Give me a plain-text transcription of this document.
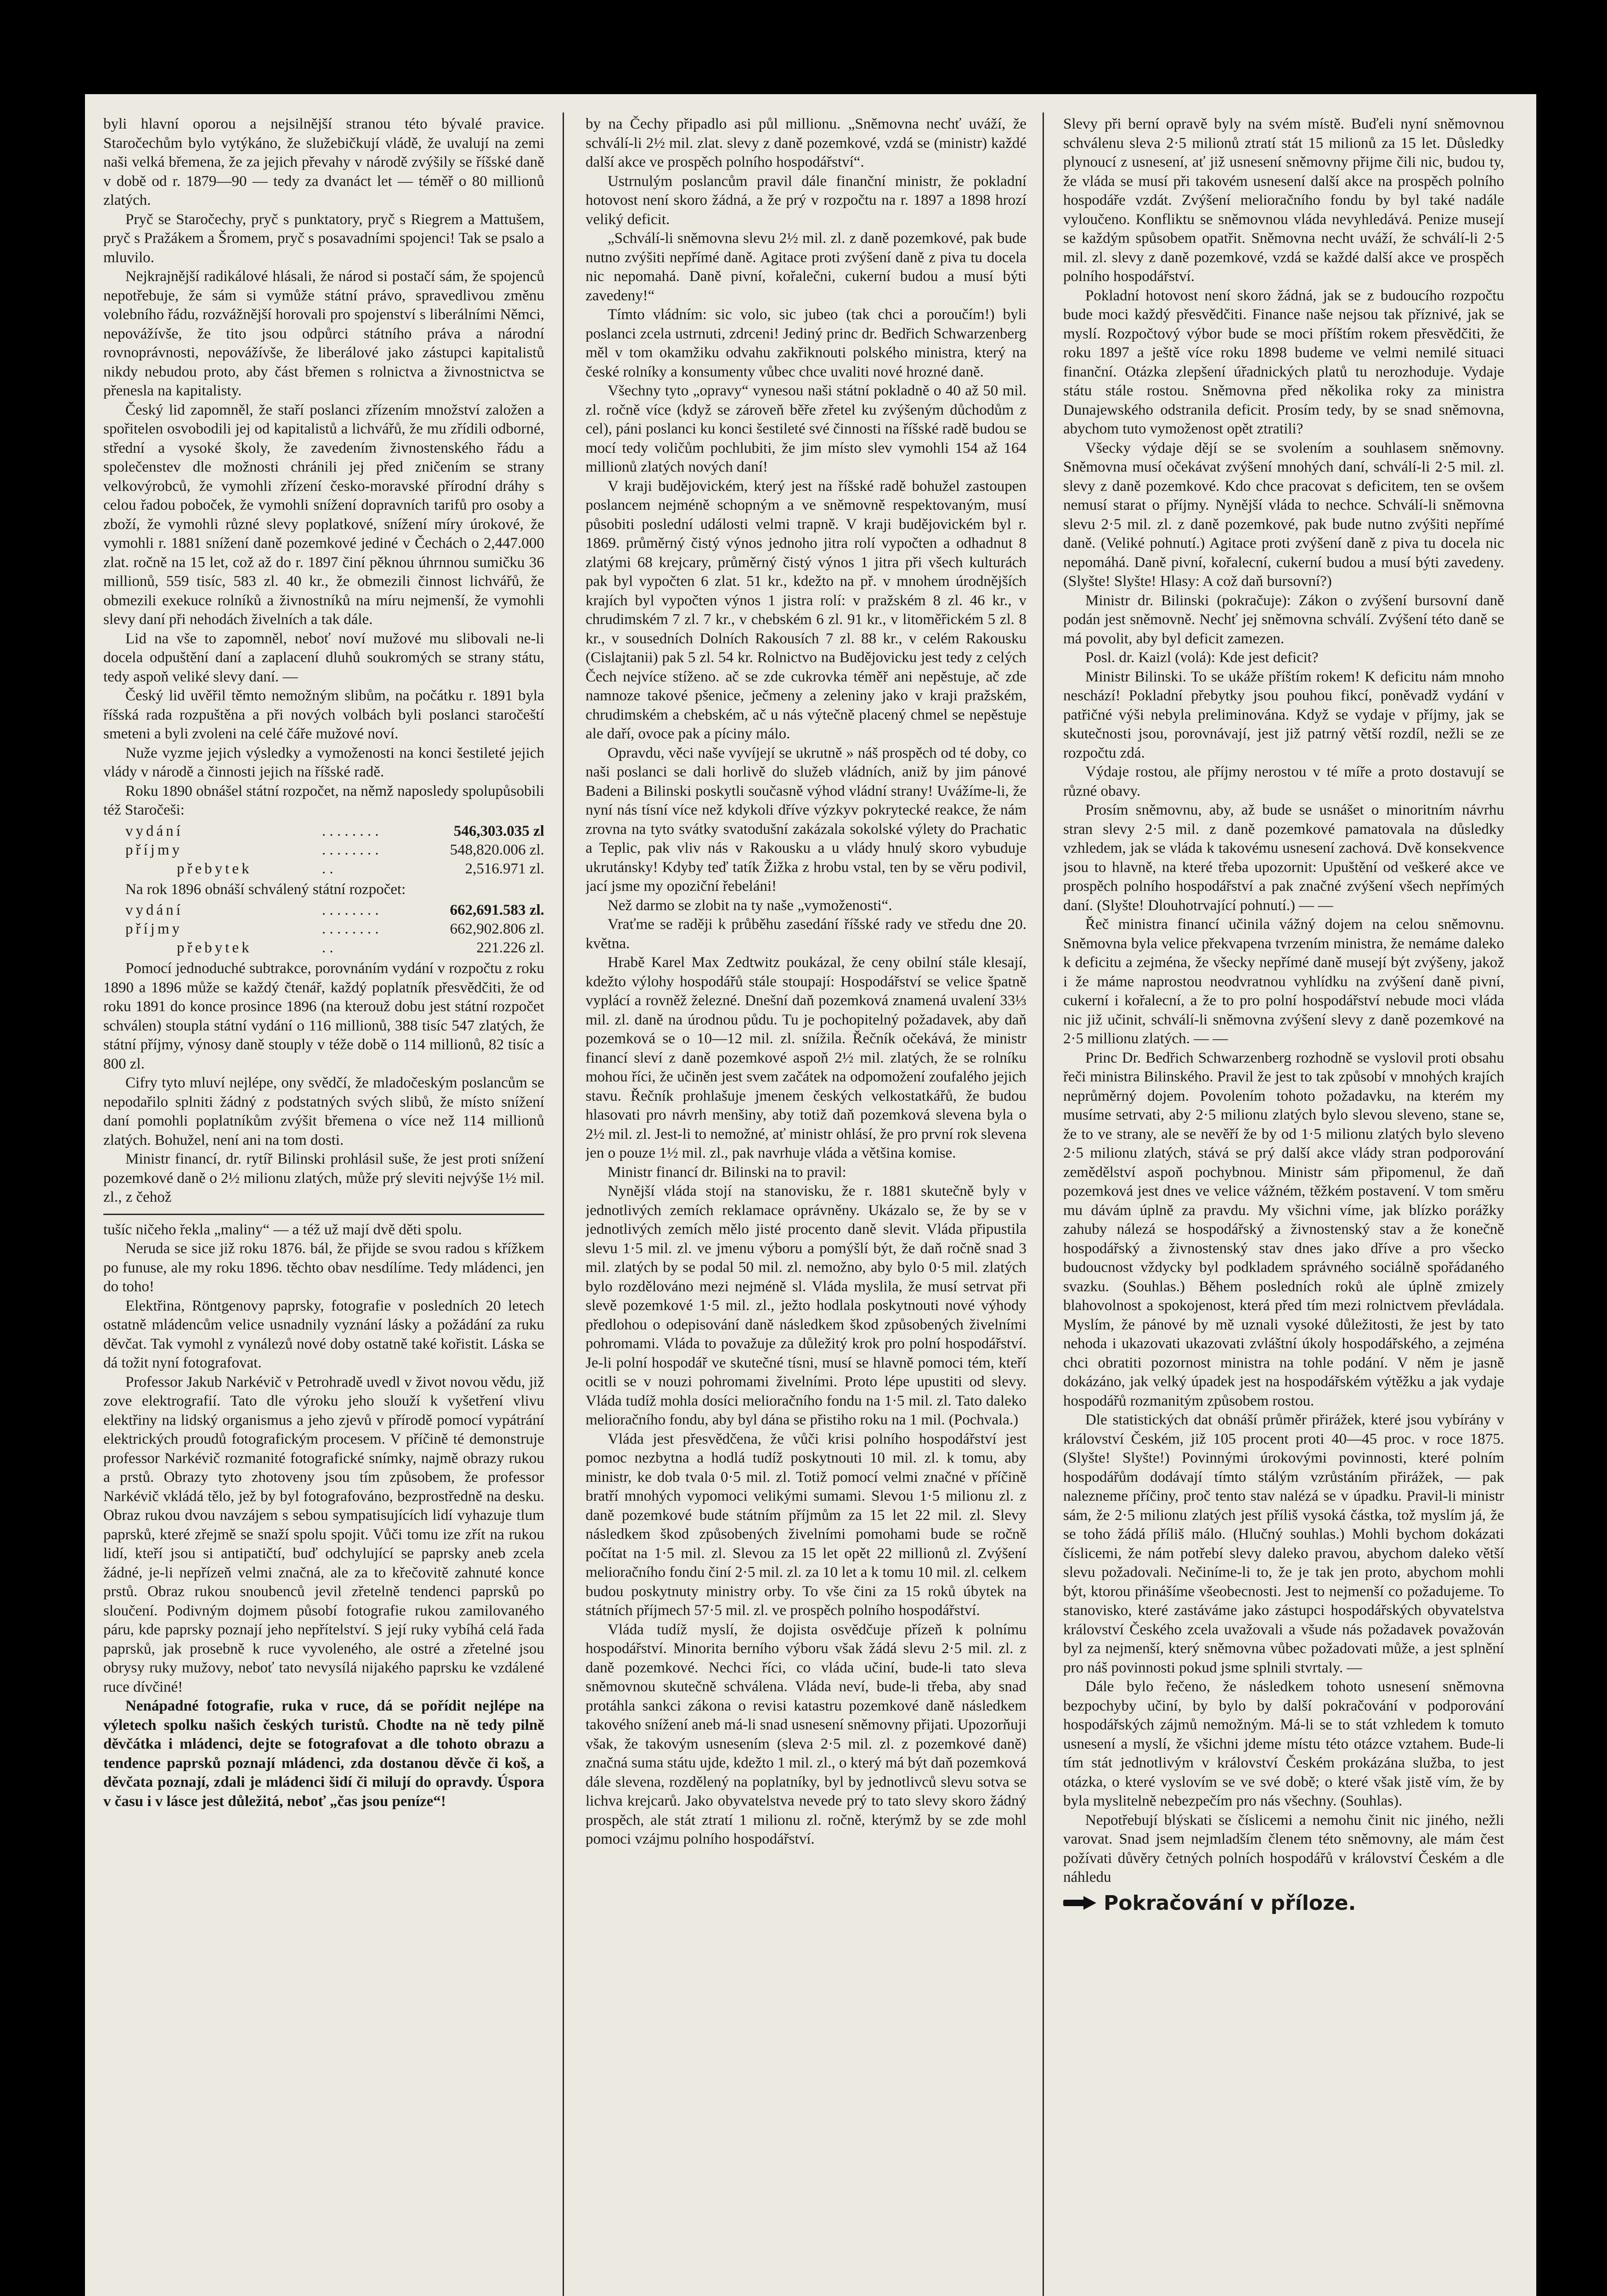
byli hlavní oporou a nejsilnější stranou této bývalé pravice. Staročechům bylo vytýkáno, že služebičkují vládě, že uvalují na zemi naši velká břemena, že za jejich převahy v národě zvýšily se říšské daně v době od r. 1879—90 — tedy za dvanáct let — téměř o 80 millionů zlatých.

Pryč se Staročechy, pryč s punktatory, pryč s Riegrem a Mattušem, pryč s Pražákem a Šromem, pryč s posavadními spojenci! Tak se psalo a mluvilo.

Nejkrajnější radikálové hlásali, že národ si postačí sám, že spojenců nepotřebuje, že sám si vymůže státní právo, spravedlivou změnu volebního řádu, rozvážnější horovali pro spojenství s liberálními Němci, nepovážívše, že tito jsou odpůrci státního práva a národní rovnoprávnosti, nepovážívše, že liberálové jako zástupci kapitalistů nikdy nebudou proto, aby část břemen s rolnictva a živnostnictva se přenesla na kapitalisty.

Český lid zapomněl, že staří poslanci zřízením množství založen a spořitelen osvobodili jej od kapitalistů a lichvářů, že mu zřídili odborné, střední a vysoké školy, že zavedením živnostenského řádu a společenstev dle možnosti chránili jej před zničením se strany velkovýrobců, že vymohli zřízení česko-moravské přírodní dráhy s celou řadou poboček, že vymohli snížení dopravních tarifů pro osoby a zboží, že vymohli různé slevy poplatkové, snížení míry úrokové, že vymohli r. 1881 snížení daně pozemkové jediné v Čechách o 2,447.000 zlat. ročně na 15 let, což až do r. 1897 činí pěknou úhrnnou sumičku 36 millionů, 559 tisíc, 583 zl. 40 kr., že obmezili činnost lichvářů, že obmezili exekuce rolníků a živnostníků na míru nejmenší, že vymohli slevy daní při nehodách živelních a tak dále.

Lid na vše to zapomněl, neboť noví mužové mu slibovali ne-li docela odpuštění daní a zaplacení dluhů soukromých se strany státu, tedy aspoň veliké slevy daní. —

Český lid uvěřil těmto nemožným slibům, na počátku r. 1891 byla říšská rada rozpuštěna a při nových volbách byli poslanci staročeští smeteni a byli zvoleni na celé čáře mužové noví.

Nuže vyzme jejich výsledky a vymoženosti na konci šestileté jejich vlády v národě a činnosti jejich na říšské radě.

Roku 1890 obnášel státní rozpočet, na němž naposledy spolupůsobili též Staročeši:

vydání	. . . . . . . .	546,303.035 zl
příjmy	. . . . . . . .	548,820.006 zl.
přebytek	. .	2,516.971 zl.

Na rok 1896 obnáší schválený státní rozpočet:

vydání	. . . . . . . .	662,691.583 zl.
příjmy	. . . . . . . .	662,902.806 zl.
přebytek	. .	221.226 zl.

Pomocí jednoduché subtrakce, porovnáním vydání v rozpočtu z roku 1890 a 1896 může se každý čtenář, každý poplatník přesvědčiti, že od roku 1891 do konce prosince 1896 (na kterouž dobu jest státní rozpočet schválen) stoupla státní vydání o 116 millionů, 388 tisíc 547 zlatých, že státní příjmy, výnosy daně stouply v téže době o 114 millionů, 82 tisíc a 800 zl.

Cifry tyto mluví nejlépe, ony svědčí, že mladočeským poslancům se nepodařilo splniti žádný z podstatných svých slibů, že místo snížení daní pomohli poplatníkům zvýšit břemena o více než 114 millionů zlatých. Bohužel, není ani na tom dosti.

Ministr financí, dr. rytíř Bilinski prohlásil suše, že jest proti snížení pozemkové daně o 2½ milionu zlatých, může prý sleviti nejvýše 1½ mil. zl., z čehož

tušíc ničeho řekla „maliny“ — a též už mají dvě děti spolu.

Neruda se sice již roku 1876. bál, že přijde se svou radou s křížkem po funuse, ale my roku 1896. těchto obav nesdílíme. Tedy mládenci, jen do toho!

Elektřina, Röntgenovy paprsky, fotografie v posledních 20 letech ostatně mládencům velice usnadnily vyznání lásky a požádání za ruku děvčat. Tak vymohl z vynálezů nové doby ostatně také kořistit. Láska se dá tožit nyní fotografovat.

Professor Jakub Narkévič v Petrohradě uvedl v život novou vědu, již zove elektrografií. Tato dle výroku jeho slouží k vyšetření vlivu elektřiny na lidský organismus a jeho zjevů v přírodě pomocí vypátrání elektrických proudů fotografickým procesem. V příčině té demonstruje professor Narkévič rozmanité fotografické snímky, najmě obrazy rukou a prstů. Obrazy tyto zhotoveny jsou tím způsobem, že professor Narkévič vkládá tělo, jež by byl fotografováno, bezprostředně na desku. Obraz rukou dvou navzájem s sebou sympatisujících lidí vyhazuje tlum paprsků, které zřejmě se snaží spolu spojit. Vůči tomu ize zřít na rukou lidí, kteří jsou si antipatičtí, buď odchylující se paprsky aneb zcela žádné, je-li nepřízeň velmi značná, ale za to křečovitě zahnuté konce prstů. Obraz rukou snoubenců jevil zřetelně tendenci paprsků po sloučení. Podivným dojmem působí fotografie rukou zamilovaného páru, kde paprsky poznají jeho nepřítelství. S její ruky vybíhá celá řada paprsků, jak prosebně k ruce vyvoleného, ale ostré a zřetelné jsou obrysy ruky mužovy, neboť tato nevysílá nijakého paprsku ke vzdálené ruce dívčiné!

Nenápadné fotografie, ruka v ruce, dá se pořídit nejlépe na výletech spolku našich českých turistů. Chodte na ně tedy pilně děvčátka i mládenci, dejte se fotografovat a dle tohoto obrazu a tendence paprsků poznají mládenci, zda dostanou děvče či koš, a děvčata poznají, zdali je mládenci šidí či milují do opravdy. Úspora v času i v lásce jest důležitá, neboť „čas jsou peníze“!

by na Čechy připadlo asi půl millionu. „Sněmovna nechť uváží, že schválí-li 2½ mil. zlat. slevy z daně pozemkové, vzdá se (ministr) každé další akce ve prospěch polního hospodářství“.

Ustrnulým poslancům pravil dále finanční ministr, že pokladní hotovost není skoro žádná, a že prý v rozpočtu na r. 1897 a 1898 hrozí veliký deficit.

„Schválí-li sněmovna slevu 2½ mil. zl. z daně pozemkové, pak bude nutno zvýšiti nepřímé daně. Agitace proti zvýšení daně z piva tu docela nic nepomahá. Daně pivní, kořalečni, cukerní budou a musí býti zavedeny!“

Tímto vládním: sic volo, sic jubeo (tak chci a poroučím!) byli poslanci zcela ustrnuti, zdrceni! Jediný princ dr. Bedřich Schwarzenberg měl v tom okamžiku odvahu zakřiknouti polského ministra, který na české rolníky a konsumenty vůbec chce uvaliti nové hrozné daně.

Všechny tyto „opravy“ vynesou naši státní pokladně o 40 až 50 mil. zl. ročně více (když se zároveň běře zřetel ku zvýšeným důchodům z cel), páni poslanci ku konci šestileté své činnosti na říšské radě budou se mocí tedy voličům pochlubiti, že jim místo slev vymohli 154 až 164 millionů zlatých nových daní!

V kraji budějovickém, který jest na říšské radě bohužel zastoupen poslancem nejméně schopným a ve sněmovně respektovaným, musí působiti poslední události velmi trapně. V kraji budějovickém byl r. 1869. průměrný čistý výnos jednoho jitra rolí vypočten a odhadnut 8 zlatými 68 krejcary, průměrný čistý výnos 1 jitra při všech kulturách pak byl vypočten 6 zlat. 51 kr., kdežto na př. v mnohem úrodnějších krajích byl vypočten výnos 1 jistra rolí: v pražském 8 zl. 46 kr., v chrudimském 7 zl. 7 kr., v chebském 6 zl. 91 kr., v litoměřickém 5 zl. 8 kr., v sousedních Dolních Rakousích 7 zl. 88 kr., v celém Rakousku (Cislajtanii) pak 5 zl. 54 kr. Rolnictvo na Budějovicku jest tedy z celých Čech nejvíce stíženo. ač se zde cukrovka téměř ani nepěstuje, ač zde namnoze takové pšenice, ječmeny a zeleniny jako v kraji pražském, chrudimském a chebském, ač u nás výtečně placený chmel se nepěstuje ale daří, ovoce pak a píciny málo.

Opravdu, věci naše vyvíjejí se ukrutně » náš prospěch od té doby, co naši poslanci se dali horlivě do služeb vládních, aniž by jim pánové Badeni a Bilinski poskytli současně výhod vládní strany! Uvážíme-li, že nyní nás tísní více než kdykoli dříve výzkyv pokrytecké reakce, že nám zrovna na tyto svátky svatodušní zakázala sokolské výlety do Prachatic a Teplic, pak vliv nás v Rakousku a u vlády hnulý skoro vybuduje ukrutánsky! Kdyby teď tatík Žižka z hrobu vstal, ten by se věru podivil, jací jsme my opoziční řebeláni!

Než darmo se zlobit na ty naše „vymoženosti“.

Vraťme se raději k průběhu zasedání říšské rady ve středu dne 20. května.

Hrabě Karel Max Zedtwitz poukázal, že ceny obilní stále klesají, kdežto výlohy hospodářů stále stoupají: Hospodářství se velice špatně vyplácí a rovněž železné. Dnešní daň pozemková znamená uvalení 33⅓ mil. zl. daně na úrodnou půdu. Tu je pochopitelný požadavek, aby daň pozemková se o 10—12 mil. zl. snížila. Řečník očekává, že ministr financí sleví z daně pozemkové aspoň 2½ mil. zlatých, že se rolníku mohou říci, že učiněn jest svem začátek na odpomožení zoufalého jejich stavu. Řečník prohlašuje jmenem českých velkostatkářů, že budou hlasovati pro návrh menšiny, aby totiž daň pozemková slevena byla o 2½ mil. zl. Jest-li to nemožné, ať ministr ohlásí, že pro první rok slevena jen o pouze 1½ mil. zl., pak navrhuje vláda a většina komise.

Ministr financí dr. Bilinski na to pravil:

Nynější vláda stojí na stanovisku, že r. 1881 skutečně byly v jednotlivých zemích reklamace oprávněny. Ukázalo se, že by se v jednotlivých zemích mělo jisté procento daně slevit. Vláda připustila slevu 1·5 mil. zl. ve jmenu výboru a pomýšlí být, že daň ročně snad 3 mil. zlatých by se podal 50 mil. zl. nemožno, aby bylo 0·5 mil. zlatých bylo rozdělováno mezi nejméně sl. Vláda myslila, že musí setrvat při slevě pozemkové 1·5 mil. zl., ježto hodlala poskytnouti nové výhody předlohou o odepisování daně následkem škod způsobených živelními pohromami. Vláda to považuje za důležitý krok pro polní hospodářství. Je-li polní hospodář ve skutečné tísni, musí se hlavně pomoci tém, kteří ocitli se v nouzi pohromami živelními. Proto lépe upustiti od slevy. Vláda tudíž mohla dosíci melioračního fondu na 1·5 mil. zl. Tato daleko melioračního fondu, aby byl dána se přistiho roku na 1 mil. (Pochvala.)

Vláda jest přesvědčena, že vůči krisi polního hospodářství jest pomoc nezbytna a hodlá tudíž poskytnouti 10 mil. zl. k tomu, aby ministr, ke dob tvala 0·5 mil. zl. Totiž pomocí velmi značné v příčině bratří mnohých vypomoci velikými sumami. Slevou 1·5 milionu zl. z daně pozemkové bude státním příjmům za 15 let 22 mil. zl. Slevy následkem škod způsobených živelními pomohami bude se ročně počítat na 1·5 mil. zl. Slevou za 15 let opět 22 millionů zl. Zvýšení melioračního fondu činí 2·5 mil. zl. za 10 let a k tomu 10 mil. zl. celkem budou poskytnuty ministry orby. To vše čini za 15 roků úbytek na státních příjmech 57·5 mil. zl. ve prospěch polního hospodářství.

Vláda tudíž myslí, že dojista osvědčuje přízeň k polnímu hospodářství. Minorita berního výboru však žádá slevu 2·5 mil. zl. z daně pozemkové. Nechci říci, co vláda učiní, bude-li tato sleva sněmovnou skutečně schválena. Vláda neví, bude-li třeba, aby snad protáhla sankci zákona o revisi katastru pozemkové daně následkem takového snížení aneb má-li snad usnesení sněmovny přijati. Upozorňuji však, že takovým usnesením (sleva 2·5 mil. zl. z pozemkové daně) značná suma státu ujde, kdežto 1 mil. zl., o který má být daň pozemková dále slevena, rozdělený na poplatníky, byl by jednotlivců slevu sotva se lichva krejcarů. Jako obyvatelstva nevede prý to tato slevy skoro žádný prospěch, ale stát ztratí 1 milionu zl. ročně, kterýmž by se zde mohl pomoci vzájmu polního hospodářství.

Slevy při berní opravě byly na svém místě. Buďeli nyní sněmovnou schválenu sleva 2·5 milionů ztratí stát 15 milionů za 15 let. Důsledky plynoucí z usnesení, ať již usnesení sněmovny přijme čili nic, budou ty, že vláda se musí při takovém usnesení další akce na prospěch polního hospodáře vzdát. Zvýšení melioračního fondu by byl také nadále vyloučeno. Konfliktu se sněmovnou vláda nevyhledává. Penize musejí se každým spůsobem opatřit. Sněmovna necht uváží, že schválí-li 2·5 mil. zl. slevy z daně pozemkové, vzdá se každé další akce ve prospěch polního hospodářství.

Pokladní hotovost není skoro žádná, jak se z budoucího rozpočtu bude moci každý přesvědčiti. Finance naše nejsou tak příznivé, jak se myslí. Rozpočtový výbor bude se moci příštím rokem přesvědčiti, že roku 1897 a ještě více roku 1898 budeme ve velmi nemilé situaci finanční. Otázka zlepšení úřadnických platů tu nerozhoduje. Vydaje státu stále rostou. Sněmovna před několika roky za ministra Dunajewského odstranila deficit. Prosím tedy, by se snad sněmovna, abychom tuto vymoženost opět ztratili?

Všecky výdaje dějí se se svolením a souhlasem sněmovny. Sněmovna musí očekávat zvýšení mnohých daní, schválí-li 2·5 mil. zl. slevy z daně pozemkové. Kdo chce pracovat s deficitem, ten se ovšem nemusí starat o příjmy. Nynější vláda to nechce. Schválí-li sněmovna slevu 2·5 mil. zl. z daně pozemkové, pak bude nutno zvýšiti nepřímé daně. (Veliké pohnutí.) Agitace proti zvýšení daně z piva tu docela nic nepomáhá. Daně pivní, kořalecní, cukerní budou a musí býti zavedeny. (Slyšte! Slyšte! Hlasy: A což daň bursovní?)

Ministr dr. Bilinski (pokračuje): Zákon o zvýšení bursovní daně podán jest sněmovně. Nechť jej sněmovna schválí. Zvýšení této daně se má povolit, aby byl deficit zamezen.

Posl. dr. Kaizl (volá): Kde jest deficit?

Ministr Bilinski. To se ukáže příštím rokem! K deficitu nám mnoho neschází! Pokladní přebytky jsou pouhou fikcí, poněvadž vydání v patřičné výši nebyla preliminována. Když se vydaje v příjmy, jak se skutečnosti jsou, porovnávají, jest již patrný větší rozdíl, nežli se ze rozpočtu zdá.

Výdaje rostou, ale příjmy nerostou v té míře a proto dostavují se různé obavy.

Prosím sněmovnu, aby, až bude se usnášet o minoritním návrhu stran slevy 2·5 mil. z daně pozemkové pamatovala na důsledky vzhledem, jak se vláda k takovému usnesení zachová. Dvě konsekvence jsou to hlavně, na které třeba upozornit: Upuštění od veškeré akce ve prospěch polního hospodářství a pak značné zvýšení všech nepřímých daní. (Slyšte! Dlouhotrvající pohnutí.) — —

Řeč ministra financí učinila vážný dojem na celou sněmovnu. Sněmovna byla velice překvapena tvrzením ministra, že nemáme daleko k deficitu a zejména, že všecky nepřímé daně musejí být zvýšeny, jakož i že máme naprostou neodvratnou vyhlídku na zvýšení daně pivní, cukerní i kořalecní, a že to pro polní hospodářství nebude moci vláda nic již učinit, schválí-li sněmovna zvýšení slevy z daně pozemkové na 2·5 millionu zlatých. — —

Princ Dr. Bedřich Schwarzenberg rozhodně se vyslovil proti obsahu řeči ministra Bilinského. Pravil že jest to tak způsobí v mnohých krajích neprůměrný dojem. Povolením tohoto požadavku, na kterém my musíme setrvati, aby 2·5 milionu zlatých bylo slevou sleveno, stane se, že to ve strany, ale se nevěří že by od 1·5 milionu zlatých bylo sleveno 2·5 milionu zlatých, stává se prý další akce vlády stran podporování zemědělství aspoň pochybnou. Ministr sám připomenul, že daň pozemková jest dnes ve velice vážném, těžkém postavení. V tom směru mu dávám úplně za pravdu. My všichni víme, jak blízko porážky zahuby nálezá se hospodářský a živnostenský stav a že konečně hospodářský a živnostenský stav dnes jako dříve a pro všecko budoucnost vždycky byl podkladem správného sociálně spořádaného svazku. (Souhlas.) Během posledních roků ale úplně zmizely blahovolnost a spokojenost, která před tím mezi rolnictvem převládala. Myslím, že pánové by mě uznali vysoké důležitosti, že jest by tato nehoda i ukazovati ukazovati zvláštní úkoly hospodářského, a zejména chci obratiti pozornost ministra na tohle podání. V něm je jasně dokázáno, jak velký úpadek jest na hospodářském výtěžku a jak vydaje hospodářů rozmanitým způsobem rostou.

Dle statistických dat obnáší průměr přirážek, které jsou vybírány v království Českém, již 105 procent proti 40—45 proc. v roce 1875. (Slyšte! Slyšte!) Povinnými úrokovými povinnosti, které polním hospodářům dodávají tímto stálým vzrůstáním přirážek, — pak nalezneme příčiny, proč tento stav nalézá se v úpadku. Pravil-li ministr sám, že 2·5 milionu zlatých jest příliš vysoká částka, tož myslím já, že se toho žádá příliš málo. (Hlučný souhlas.) Mohli bychom dokázati číslicemi, že nám potřebí slevy daleko pravou, abychom daleko větší slevu požadovali. Nečiníme-li to, že je tak jen proto, abychom mohli být, ktorou přinášíme všeobecnosti. Jest to nejmenší co požadujeme. To stanovisko, které zastáváme jako zástupci hospodářských obyvatelstva království Českého zcela uvažovali a všude nás požadavek považován byl za nejmenší, který sněmovna vůbec požadovati může, a jest splnění pro náš povinnosti pokud jsme splnili stvrtaly. —

Dále bylo řečeno, že následkem tohoto usnesení sněmovna bezpochyby učiní, by bylo by další pokračování v podporování hospodářských zájmů nemožným. Má-li se to stát vzhledem k tomuto usnesení a myslí, že všichni jdeme místu této otázce vztahem. Bude-li tím stát jednotlivým v království Českém prokázána služba, to jest otázka, o které vyslovím se ve své době; o které však jistě vím, že by byla myslitelně nebezpečím pro nás všechny. (Souhlas).

Nepotřebují blýskati se číslicemi a nemohu činit nic jiného, nežli varovat. Snad jsem nejmladším členem této sněmovny, ale mám čest požívati důvěry četných polních hospodářů v království Českém a dle náhledu

Pokračování v příloze.
